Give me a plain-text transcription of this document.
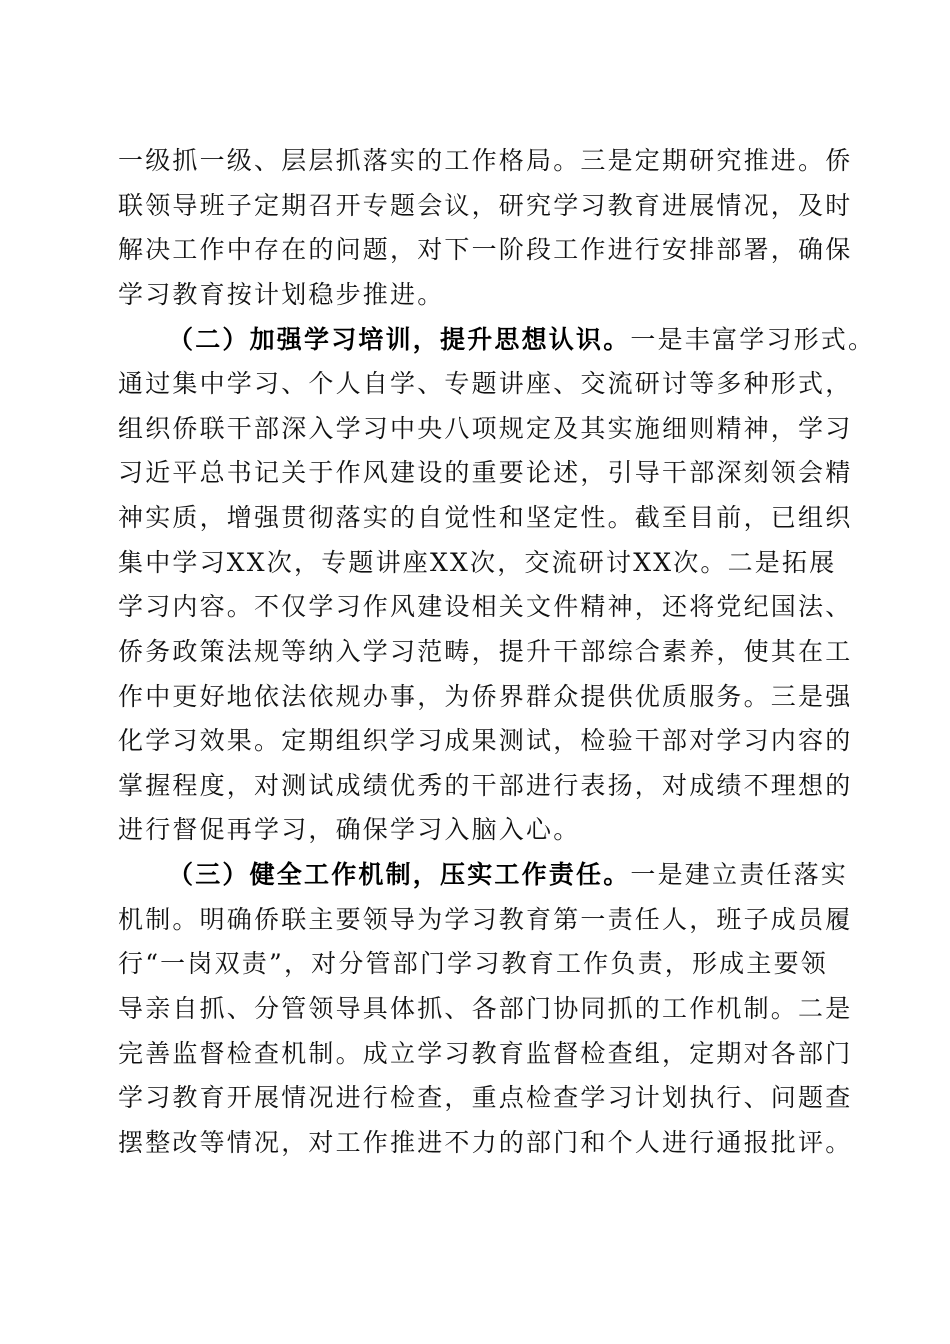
一级抓一级、层层抓落实的工作格局。三是定期研究推进。侨
联领导班子定期召开专题会议，研究学习教育进展情况，及时
解决工作中存在的问题，对下一阶段工作进行安排部署，确保
学习教育按计划稳步推进。
（二）加强学习培训，提升思想认识。一是丰富学习形式。
通过集中学习、个人自学、专题讲座、交流研讨等多种形式，
组织侨联干部深入学习中央八项规定及其实施细则精神，学习
习近平总书记关于作风建设的重要论述，引导干部深刻领会精
神实质，增强贯彻落实的自觉性和坚定性。截至目前，已组织
集中学习XX次，专题讲座XX次，交流研讨XX次。二是拓展
学习内容。不仅学习作风建设相关文件精神，还将党纪国法、
侨务政策法规等纳入学习范畴，提升干部综合素养，使其在工
作中更好地依法依规办事，为侨界群众提供优质服务。三是强
化学习效果。定期组织学习成果测试，检验干部对学习内容的
掌握程度，对测试成绩优秀的干部进行表扬，对成绩不理想的
进行督促再学习，确保学习入脑入心。
（三）健全工作机制，压实工作责任。一是建立责任落实
机制。明确侨联主要领导为学习教育第一责任人，班子成员履
行“一岗双责”，对分管部门学习教育工作负责，形成主要领
导亲自抓、分管领导具体抓、各部门协同抓的工作机制。二是
完善监督检查机制。成立学习教育监督检查组，定期对各部门
学习教育开展情况进行检查，重点检查学习计划执行、问题查
摆整改等情况，对工作推进不力的部门和个人进行通报批评。
